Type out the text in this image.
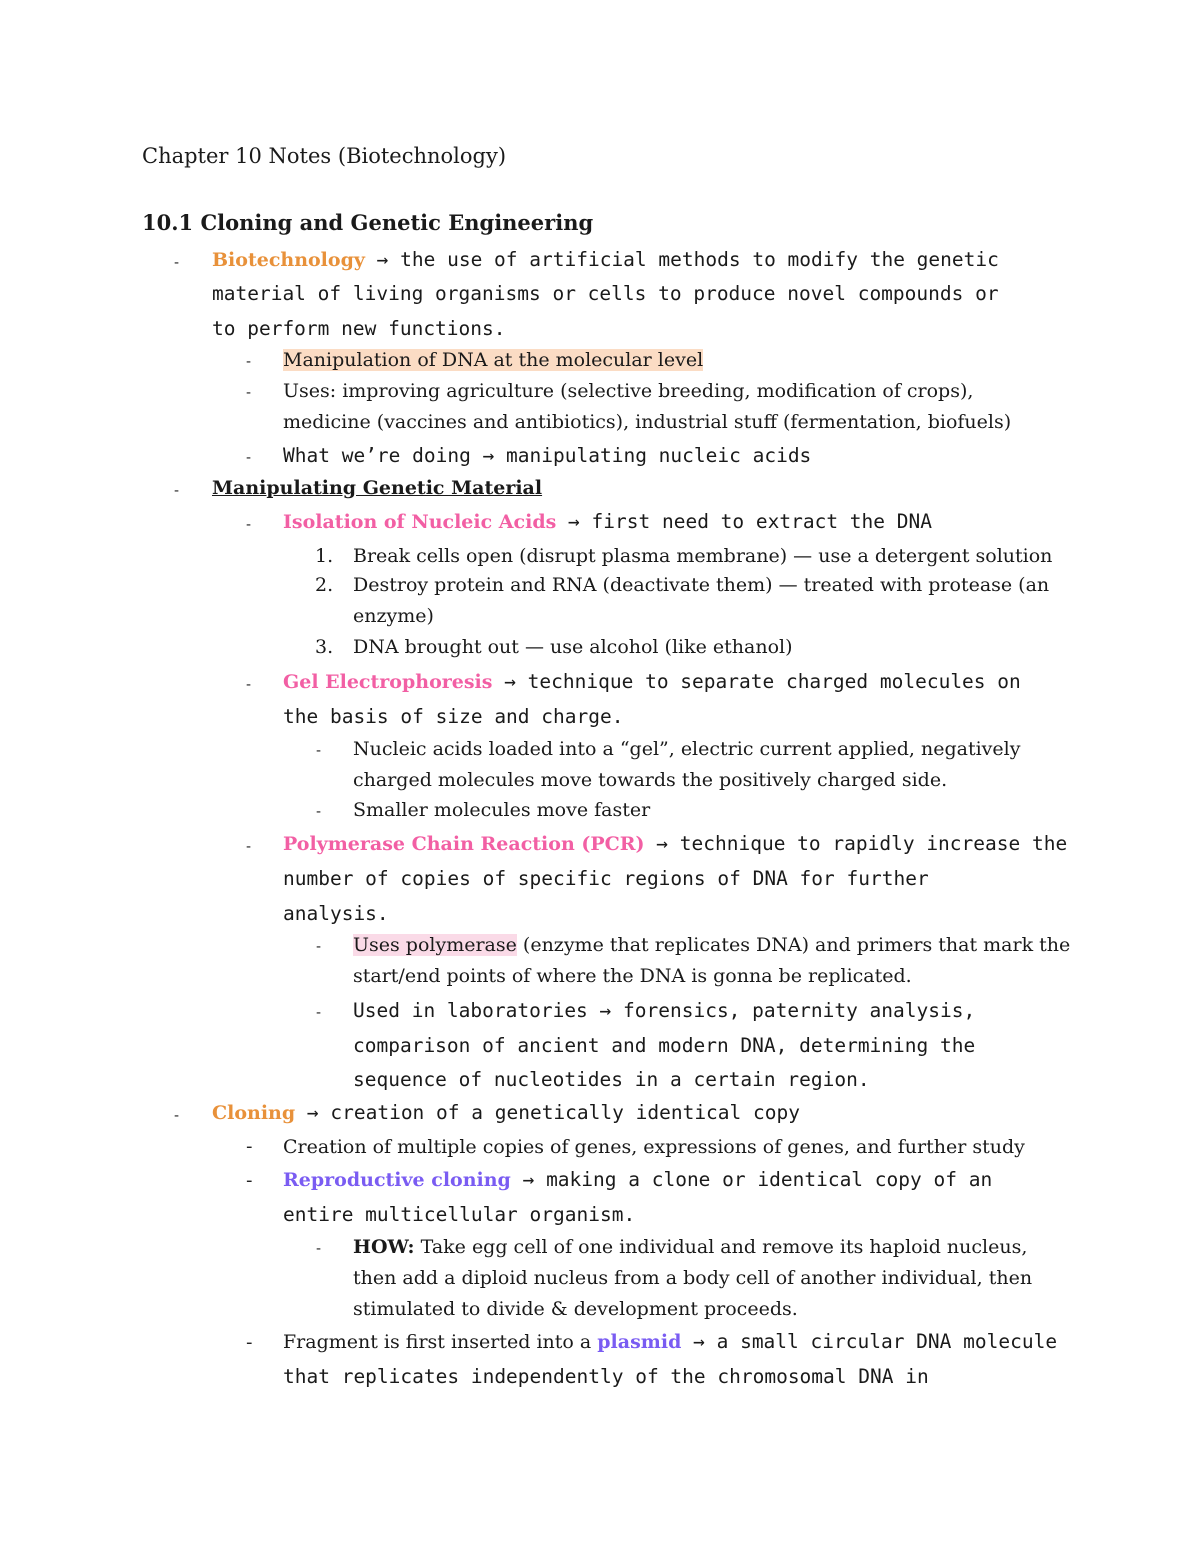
Chapter 10 Notes (Biotechnology)
10.1 Cloning and Genetic Engineering
- Biotechnology → the use of artificial methods to modify the genetic
material of living organisms or cells to produce novel compounds or
to perform new functions.
- Manipulation of DNA at the molecular level
- Uses: improving agriculture (selective breeding, modification of crops),
medicine (vaccines and antibiotics), industrial stuff (fermentation, biofuels)
- What we’re doing → manipulating nucleic acids
- Manipulating Genetic Material
- Isolation of Nucleic Acids → first need to extract the DNA
1. Break cells open (disrupt plasma membrane) — use a detergent solution
2. Destroy protein and RNA (deactivate them) — treated with protease (an
enzyme)
3. DNA brought out — use alcohol (like ethanol)
- Gel Electrophoresis → technique to separate charged molecules on
the basis of size and charge.
- Nucleic acids loaded into a “gel”, electric current applied, negatively
charged molecules move towards the positively charged side.
- Smaller molecules move faster
- Polymerase Chain Reaction (PCR) → technique to rapidly increase the
number of copies of specific regions of DNA for further
analysis.
- Uses polymerase (enzyme that replicates DNA) and primers that mark the
start/end points of where the DNA is gonna be replicated.
- Used in laboratories → forensics, paternity analysis,
comparison of ancient and modern DNA, determining the
sequence of nucleotides in a certain region.
- Cloning → creation of a genetically identical copy
- Creation of multiple copies of genes, expressions of genes, and further study
- Reproductive cloning → making a clone or identical copy of an
entire multicellular organism.
- HOW: Take egg cell of one individual and remove its haploid nucleus,
then add a diploid nucleus from a body cell of another individual, then
stimulated to divide & development proceeds.
- Fragment is first inserted into a plasmid → a small circular DNA molecule
that replicates independently of the chromosomal DNA in
